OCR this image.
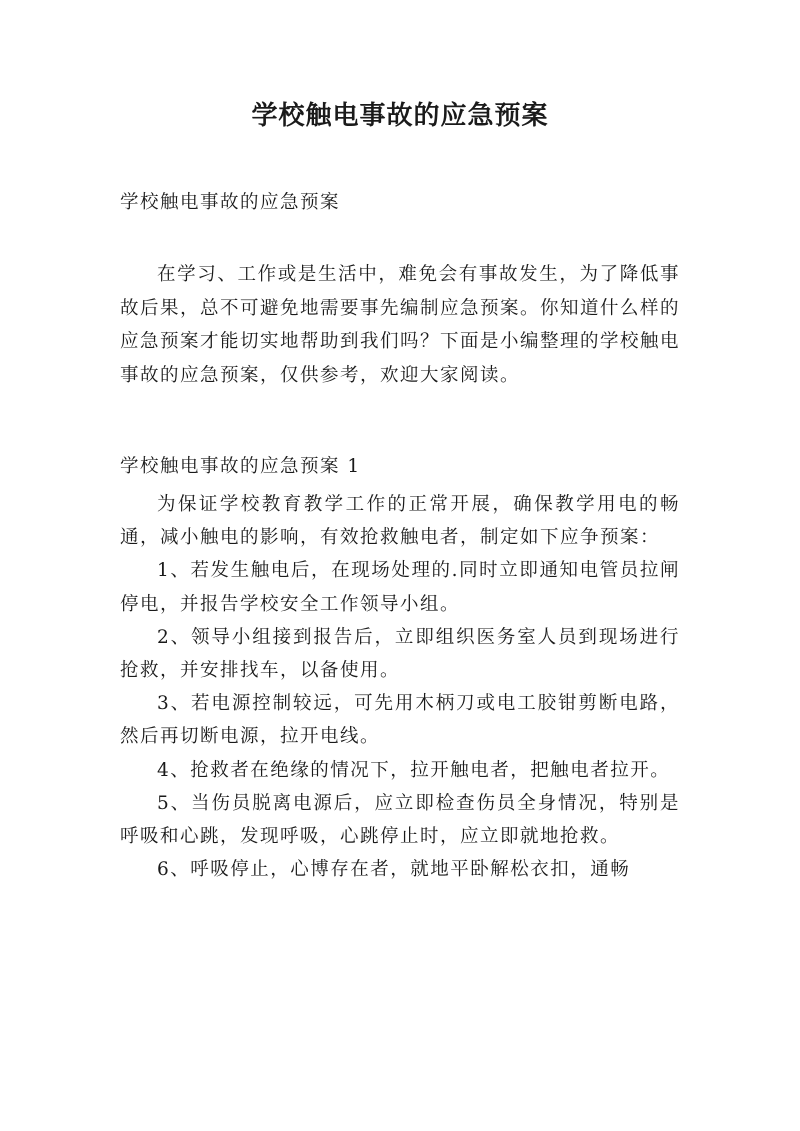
学校触电事故的应急预案
学校触电事故的应急预案

在学习、工作或是生活中，难免会有事故发生，为了降低事故后果，总不可避免地需要事先编制应急预案。你知道什么样的应急预案才能切实地帮助到我们吗？下面是小编整理的学校触电事故的应急预案，仅供参考，欢迎大家阅读。

学校触电事故的应急预案 1

为保证学校教育教学工作的正常开展，确保教学用电的畅通，减小触电的影响，有效抢救触电者，制定如下应争预案：

1、若发生触电后，在现场处理的.同时立即通知电管员拉闸停电，并报告学校安全工作领导小组。

2、领导小组接到报告后，立即组织医务室人员到现场进行抢救，并安排找车，以备使用。

3、若电源控制较远，可先用木柄刀或电工胶钳剪断电路，然后再切断电源，拉开电线。

4、抢救者在绝缘的情况下，拉开触电者，把触电者拉开。

5、当伤员脱离电源后，应立即检查伤员全身情况，特别是呼吸和心跳，发现呼吸，心跳停止时，应立即就地抢救。

6、呼吸停止，心博存在者，就地平卧解松衣扣，通畅
